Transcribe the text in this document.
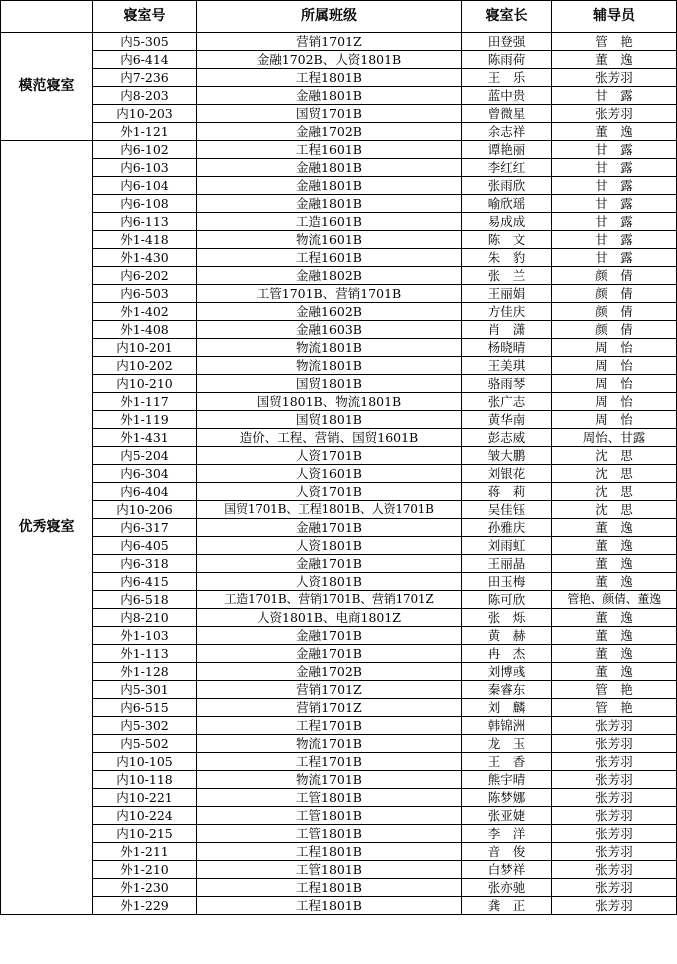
	寝室号	所属班级	寝室长	辅导员
模范寝室	内5-305	营销1701Z	田登强	管　艳
	内6-414	金融1702B、人资1801B	陈雨荷	董　逸
	内7-236	工程1801B	王　乐	张芳羽
	内8-203	金融1801B	蓝中贵	甘　露
	内10-203	国贸1701B	曾微星	张芳羽
	外1-121	金融1702B	余志祥	董　逸
优秀寝室	内6-102	工程1601B	谭艳丽	甘　露
	内6-103	金融1801B	李红红	甘　露
	内6-104	金融1801B	张雨欣	甘　露
	内6-108	金融1801B	喻欣瑶	甘　露
	内6-113	工造1601B	易成成	甘　露
	外1-418	物流1601B	陈　文	甘　露
	外1-430	工程1601B	朱　豹	甘　露
	内6-202	金融1802B	张　兰	颜　倩
	内6-503	工管1701B、营销1701B	王丽娟	颜　倩
	外1-402	金融1602B	方佳庆	颜　倩
	外1-408	金融1603B	肖　潇	颜　倩
	内10-201	物流1801B	杨晓晴	周　怡
	内10-202	物流1801B	王美琪	周　怡
	内10-210	国贸1801B	骆雨琴	周　怡
	外1-117	国贸1801B、物流1801B	张广志	周　怡
	外1-119	国贸1801B	黄华南	周　怡
	外1-431	造价、工程、营销、国贸1601B	彭志威	周怡、甘露
	内5-204	人资1701B	皱大鹏	沈　思
	内6-304	人资1601B	刘银花	沈　思
	内6-404	人资1701B	蒋　莉	沈　思
	内10-206	国贸1701B、工程1801B、人资1701B	吴佳钰	沈　思
	内6-317	金融1701B	孙雅庆	董　逸
	内6-405	人资1801B	刘雨虹	董　逸
	内6-318	金融1701B	王丽晶	董　逸
	内6-415	人资1801B	田玉梅	董　逸
	内6-518	工造1701B、营销1701B、营销1701Z	陈可欣	管艳、颜倩、董逸
	内8-210	人资1801B、电商1801Z	张　烁	董　逸
	外1-103	金融1701B	黄　赫	董　逸
	外1-113	金融1701B	冉　杰	董　逸
	外1-128	金融1702B	刘博彧	董　逸
	内5-301	营销1701Z	秦睿东	管　艳
	内6-515	营销1701Z	刘　麟	管　艳
	内5-302	工程1701B	韩锦洲	张芳羽
	内5-502	物流1701B	龙　玉	张芳羽
	内10-105	工程1701B	王　香	张芳羽
	内10-118	物流1701B	熊宇晴	张芳羽
	内10-221	工管1801B	陈梦娜	张芳羽
	内10-224	工管1801B	张亚婕	张芳羽
	内10-215	工管1801B	李　洋	张芳羽
	外1-211	工程1801B	音　俊	张芳羽
	外1-210	工管1801B	白梦祥	张芳羽
	外1-230	工程1801B	张亦驰	张芳羽
	外1-229	工程1801B	龚　正	张芳羽
